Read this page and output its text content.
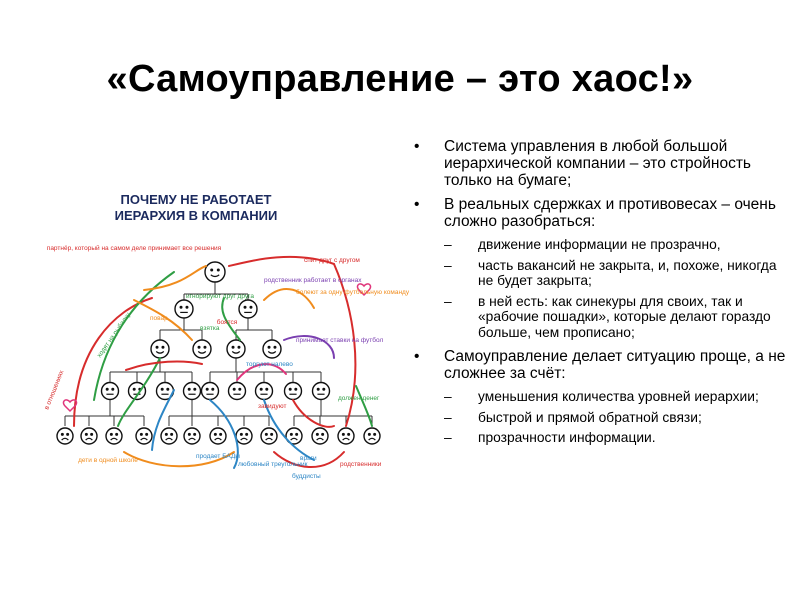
«Самоуправление – это хаос!»
ПОЧЕМУ НЕ РАБОТАЕТ
ИЕРАРХИЯ В КОМПАНИИ
партнёр, который на самом деле принимает все решения
спит друг с другом
родственник работает в органах
игнорируют друг друга
боятся
болеют за одну футбольную команду
повар
взятка
принимает ставки на футбол
торгуют налево
завидуют
враги
должен денег
дети в одной школе
продает БАДы
любовный треугольник
буддисты
родственники
в отношениях
ходят на рыбалку
•	Система управления в любой большой иерархической компании – это стройность только на бумаге;
•	В реальных сдержках и противовесах – очень сложно разобраться:
–	движение информации не прозрачно,
–	часть вакансий не закрыта, и, похоже, никогда не будет закрыта;
–	в ней есть: как синекуры для своих, так и «рабочие пошадки», которые делают гораздо больше, чем прописано;
•	Самоуправление делает ситуацию проще, а не сложнее за счёт:
–	уменьшения количества уровней иерархии;
–	быстрой и прямой обратной связи;
–	прозрачности информации.
